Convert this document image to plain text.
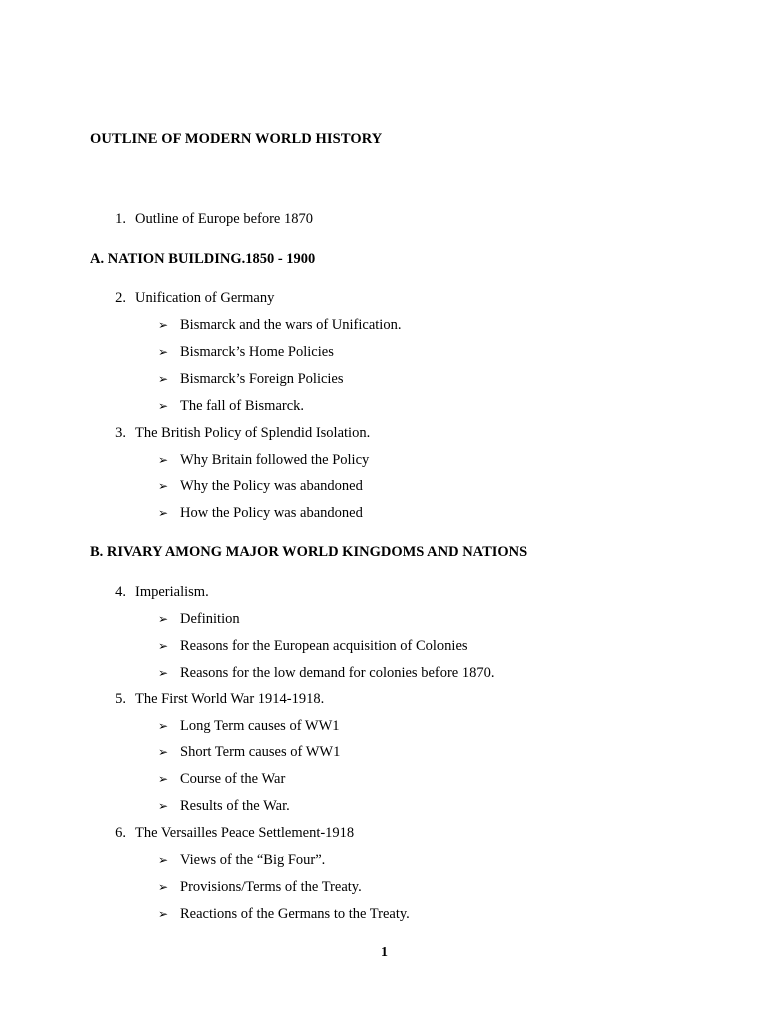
OUTLINE OF MODERN WORLD HISTORY
1. Outline of Europe before 1870
A. NATION BUILDING.1850 - 1900
2. Unification of Germany
➢ Bismarck and the wars of Unification.
➢ Bismarck’s Home Policies
➢ Bismarck’s Foreign Policies
➢ The fall of Bismarck.
3. The British Policy of Splendid Isolation.
➢ Why Britain followed the Policy
➢ Why the Policy was abandoned
➢ How the Policy was abandoned
B. RIVARY AMONG MAJOR WORLD KINGDOMS AND NATIONS
4. Imperialism.
➢ Definition
➢ Reasons for the European acquisition of Colonies
➢ Reasons for the low demand for colonies before 1870.
5. The First World War 1914-1918.
➢ Long Term causes of WW1
➢ Short Term causes of WW1
➢ Course of the War
➢ Results of the War.
6. The Versailles Peace Settlement-1918
➢ Views of the “Big Four”.
➢ Provisions/Terms of the Treaty.
➢ Reactions of the Germans to the Treaty.
1
